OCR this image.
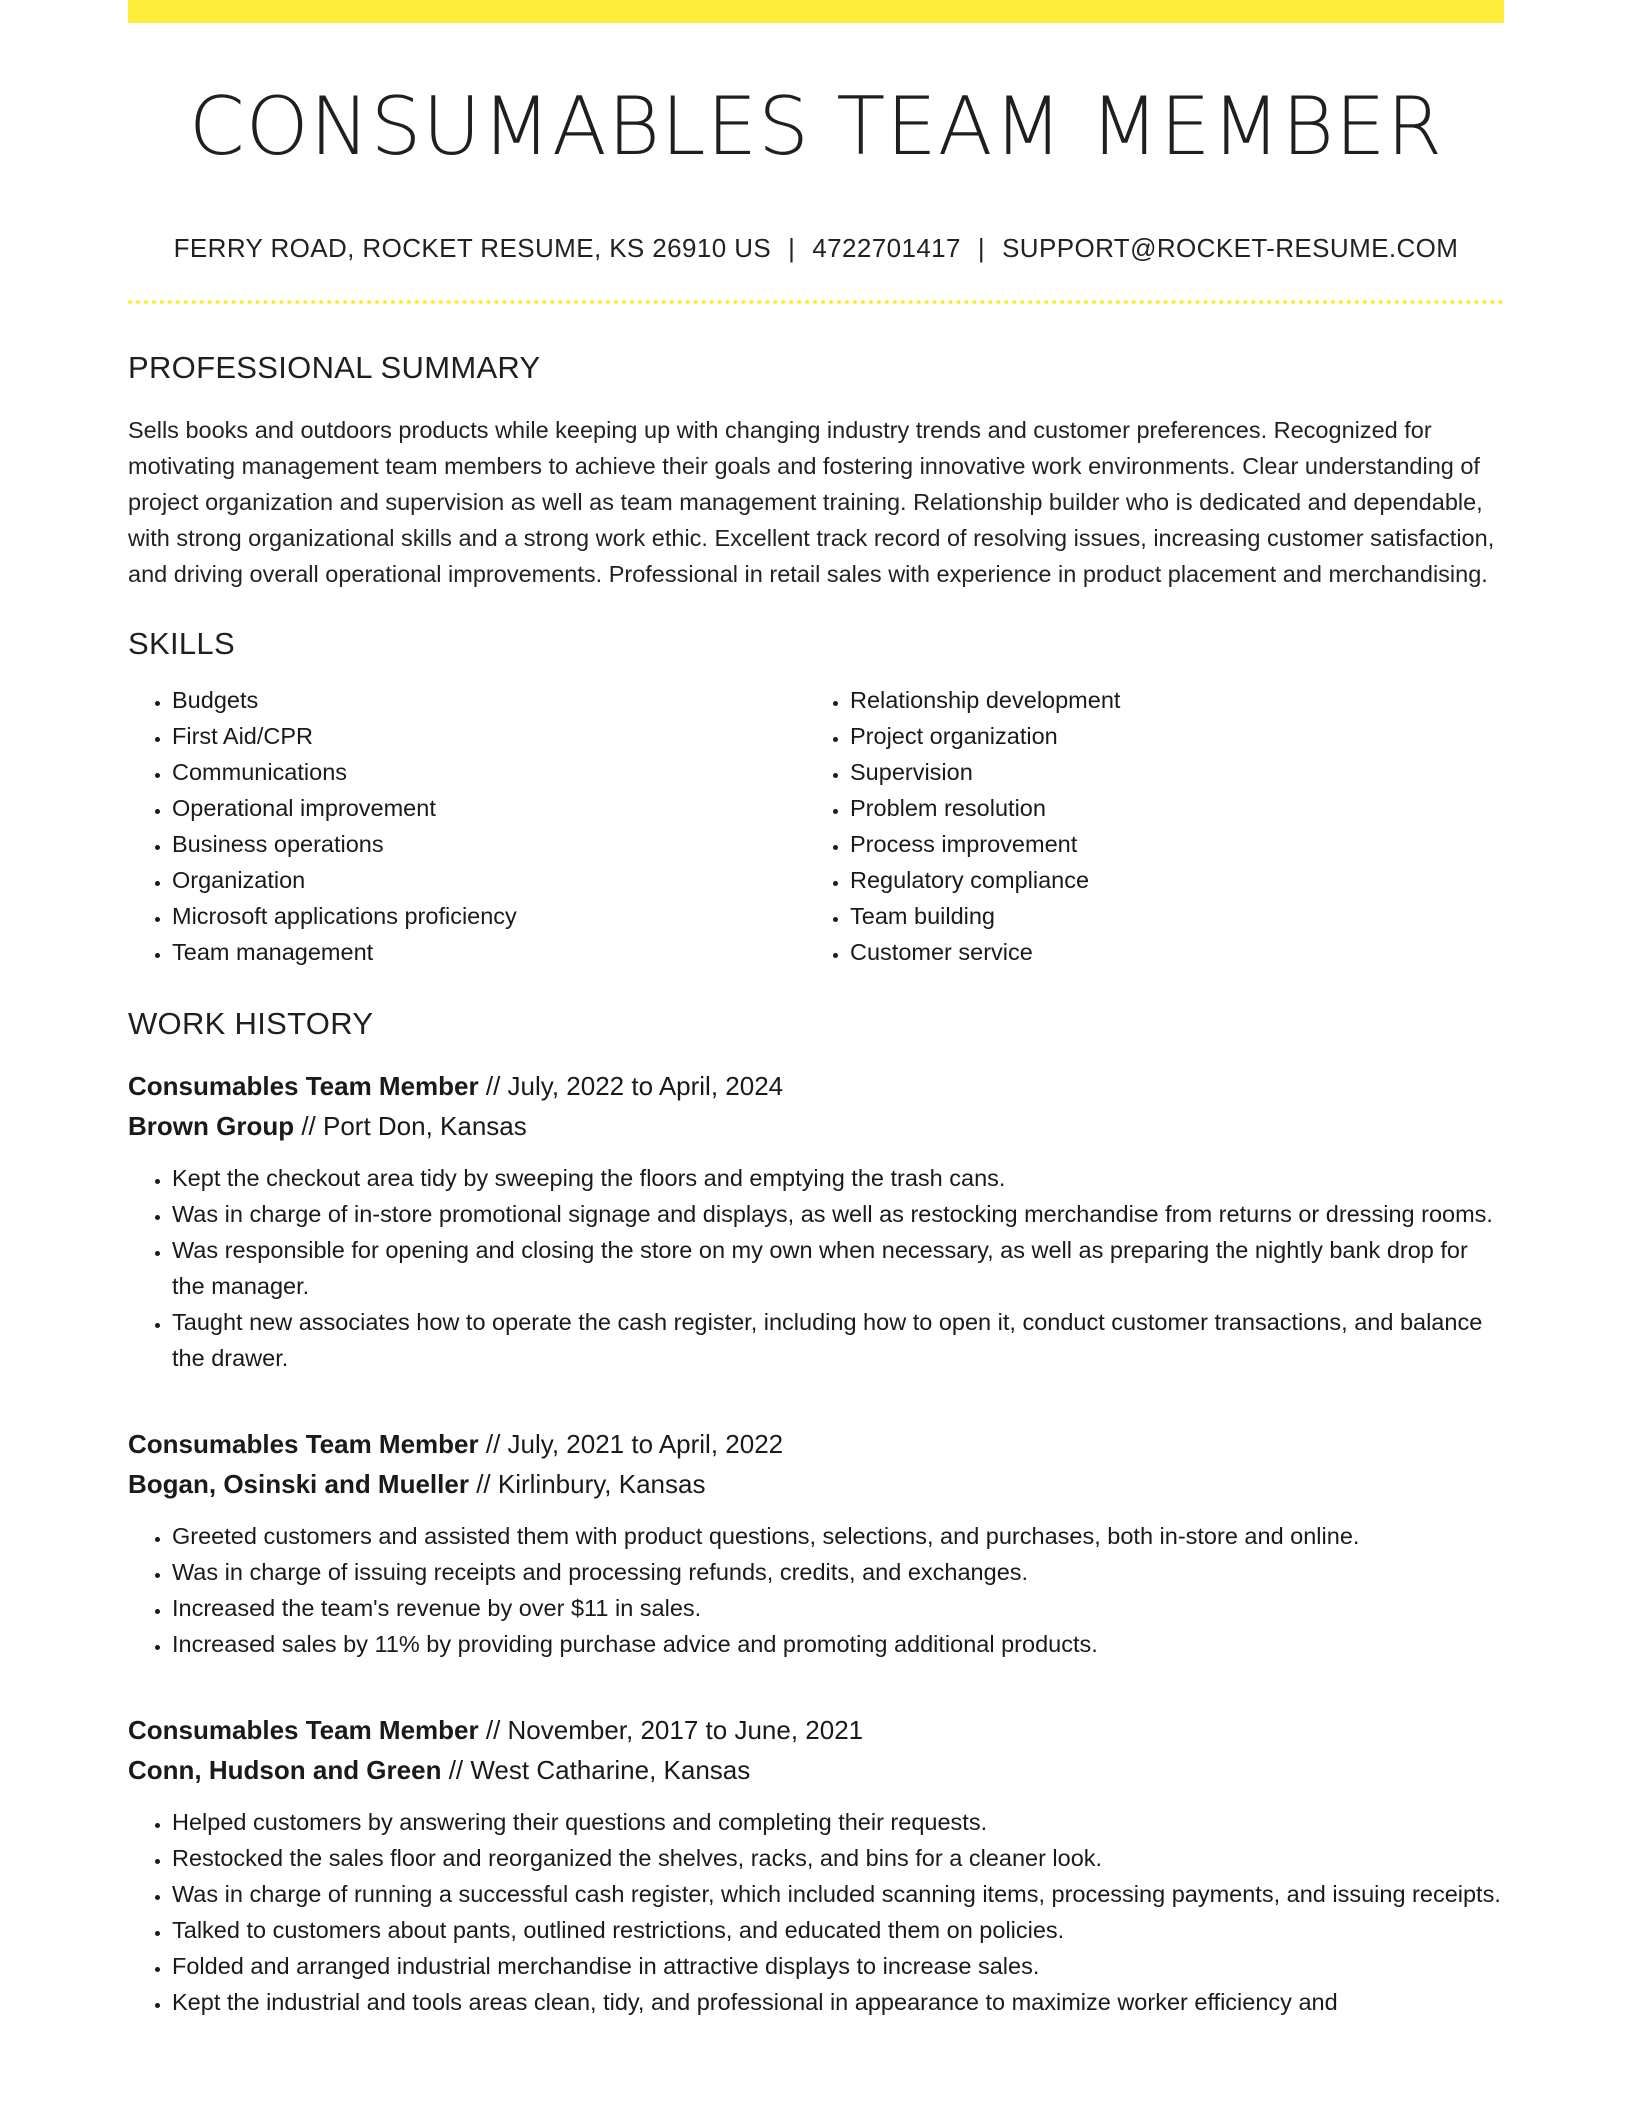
CONSUMABLES TEAM MEMBER
FERRY ROAD, ROCKET RESUME, KS 26910 US | 4722701417 | SUPPORT@ROCKET-RESUME.COM
PROFESSIONAL SUMMARY

Sells books and outdoors products while keeping up with changing industry trends and customer preferences. Recognized for motivating management team members to achieve their goals and fostering innovative work environments. Clear understanding of project organization and supervision as well as team management training. Relationship builder who is dedicated and dependable, with strong organizational skills and a strong work ethic. Excellent track record of resolving issues, increasing customer satisfaction, and driving overall operational improvements. Professional in retail sales with experience in product placement and merchandising.

SKILLS
• Budgets
• First Aid/CPR
• Communications
• Operational improvement
• Business operations
• Organization
• Microsoft applications proficiency
• Team management
• Relationship development
• Project organization
• Supervision
• Problem resolution
• Process improvement
• Regulatory compliance
• Team building
• Customer service
WORK HISTORY
Consumables Team Member // July, 2022 to April, 2024
Brown Group // Port Don, Kansas
• Kept the checkout area tidy by sweeping the floors and emptying the trash cans.
• Was in charge of in-store promotional signage and displays, as well as restocking merchandise from returns or dressing rooms.
• Was responsible for opening and closing the store on my own when necessary, as well as preparing the nightly bank drop for the manager.
• Taught new associates how to operate the cash register, including how to open it, conduct customer transactions, and balance the drawer.
Consumables Team Member // July, 2021 to April, 2022
Bogan, Osinski and Mueller // Kirlinbury, Kansas
• Greeted customers and assisted them with product questions, selections, and purchases, both in-store and online.
• Was in charge of issuing receipts and processing refunds, credits, and exchanges.
• Increased the team's revenue by over $11 in sales.
• Increased sales by 11% by providing purchase advice and promoting additional products.
Consumables Team Member // November, 2017 to June, 2021
Conn, Hudson and Green // West Catharine, Kansas
• Helped customers by answering their questions and completing their requests.
• Restocked the sales floor and reorganized the shelves, racks, and bins for a cleaner look.
• Was in charge of running a successful cash register, which included scanning items, processing payments, and issuing receipts.
• Talked to customers about pants, outlined restrictions, and educated them on policies.
• Folded and arranged industrial merchandise in attractive displays to increase sales.
• Kept the industrial and tools areas clean, tidy, and professional in appearance to maximize worker efficiency and
